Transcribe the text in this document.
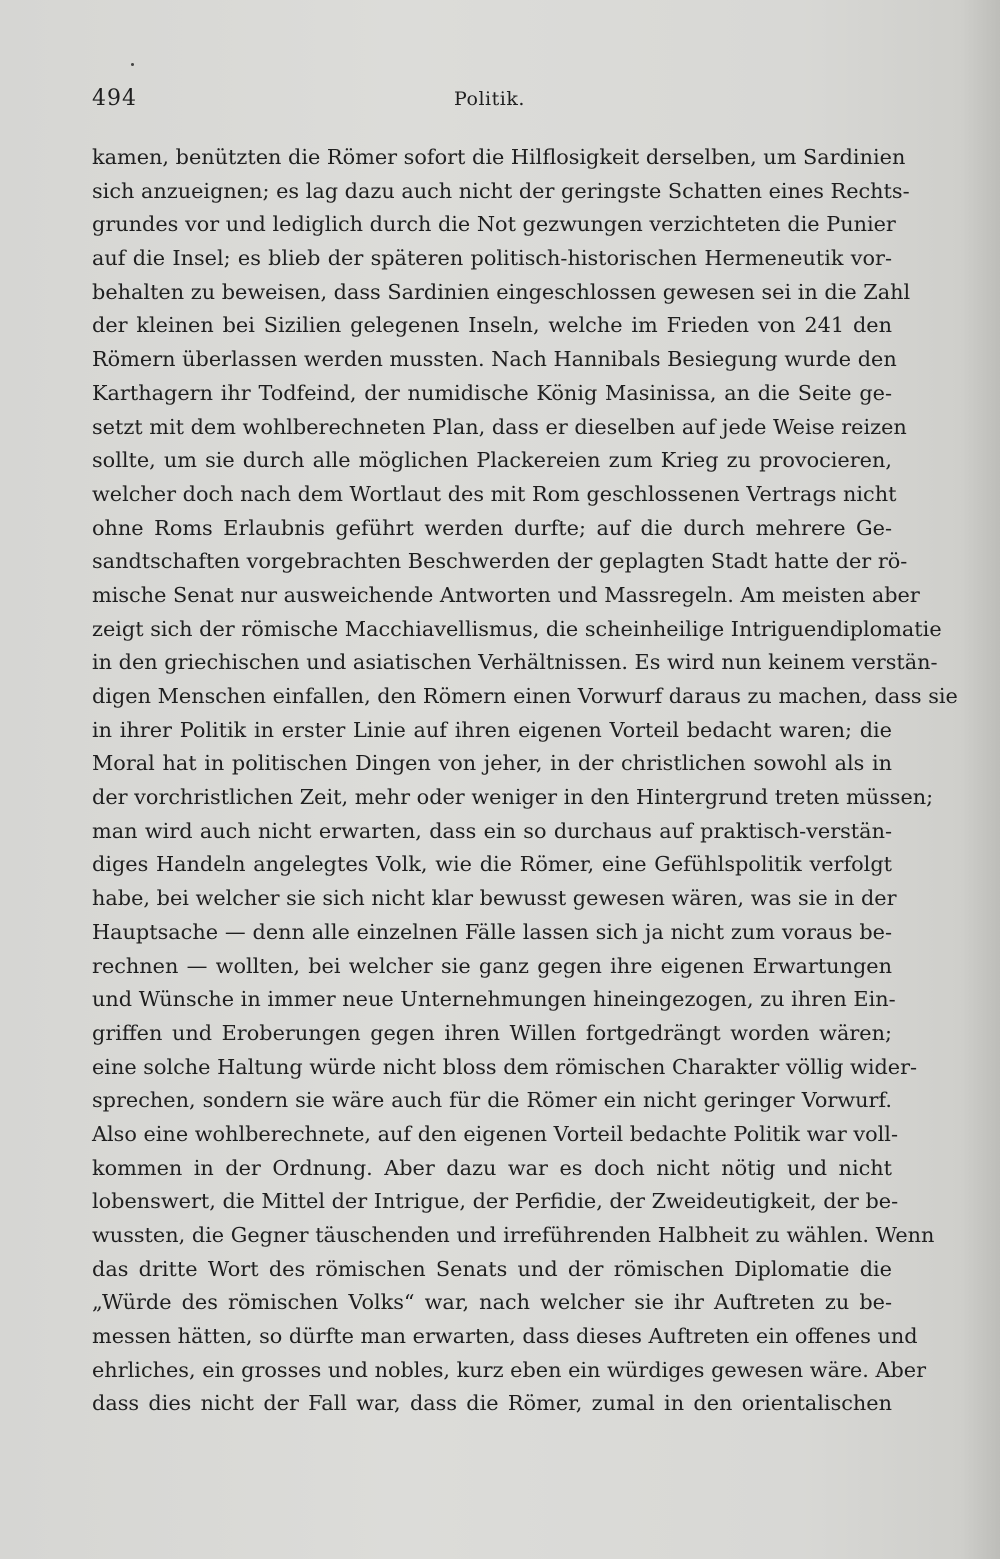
494	Politik.
kamen, benützten die Römer sofort die Hilflosigkeit derselben, um Sardinien
sich anzueignen; es lag dazu auch nicht der geringste Schatten eines Rechts-
grundes vor und lediglich durch die Not gezwungen verzichteten die Punier
auf die Insel; es blieb der späteren politisch-historischen Hermeneutik vor-
behalten zu beweisen, dass Sardinien eingeschlossen gewesen sei in die Zahl
der kleinen bei Sizilien gelegenen Inseln, welche im Frieden von 241 den
Römern überlassen werden mussten. Nach Hannibals Besiegung wurde den
Karthagern ihr Todfeind, der numidische König Masinissa, an die Seite ge-
setzt mit dem wohlberechneten Plan, dass er dieselben auf jede Weise reizen
sollte, um sie durch alle möglichen Plackereien zum Krieg zu provocieren,
welcher doch nach dem Wortlaut des mit Rom geschlossenen Vertrags nicht
ohne Roms Erlaubnis geführt werden durfte; auf die durch mehrere Ge-
sandtschaften vorgebrachten Beschwerden der geplagten Stadt hatte der rö-
mische Senat nur ausweichende Antworten und Massregeln. Am meisten aber
zeigt sich der römische Macchiavellismus, die scheinheilige Intriguendiplomatie
in den griechischen und asiatischen Verhältnissen. Es wird nun keinem verstän-
digen Menschen einfallen, den Römern einen Vorwurf daraus zu machen, dass sie
in ihrer Politik in erster Linie auf ihren eigenen Vorteil bedacht waren; die
Moral hat in politischen Dingen von jeher, in der christlichen sowohl als in
der vorchristlichen Zeit, mehr oder weniger in den Hintergrund treten müssen;
man wird auch nicht erwarten, dass ein so durchaus auf praktisch-verstän-
diges Handeln angelegtes Volk, wie die Römer, eine Gefühlspolitik verfolgt
habe, bei welcher sie sich nicht klar bewusst gewesen wären, was sie in der
Hauptsache — denn alle einzelnen Fälle lassen sich ja nicht zum voraus be-
rechnen — wollten, bei welcher sie ganz gegen ihre eigenen Erwartungen
und Wünsche in immer neue Unternehmungen hineingezogen, zu ihren Ein-
griffen und Eroberungen gegen ihren Willen fortgedrängt worden wären;
eine solche Haltung würde nicht bloss dem römischen Charakter völlig wider-
sprechen, sondern sie wäre auch für die Römer ein nicht geringer Vorwurf.
Also eine wohlberechnete, auf den eigenen Vorteil bedachte Politik war voll-
kommen in der Ordnung. Aber dazu war es doch nicht nötig und nicht
lobenswert, die Mittel der Intrigue, der Perfidie, der Zweideutigkeit, der be-
wussten, die Gegner täuschenden und irreführenden Halbheit zu wählen. Wenn
das dritte Wort des römischen Senats und der römischen Diplomatie die
„Würde des römischen Volks“ war, nach welcher sie ihr Auftreten zu be-
messen hätten, so dürfte man erwarten, dass dieses Auftreten ein offenes und
ehrliches, ein grosses und nobles, kurz eben ein würdiges gewesen wäre. Aber
dass dies nicht der Fall war, dass die Römer, zumal in den orientalischen
